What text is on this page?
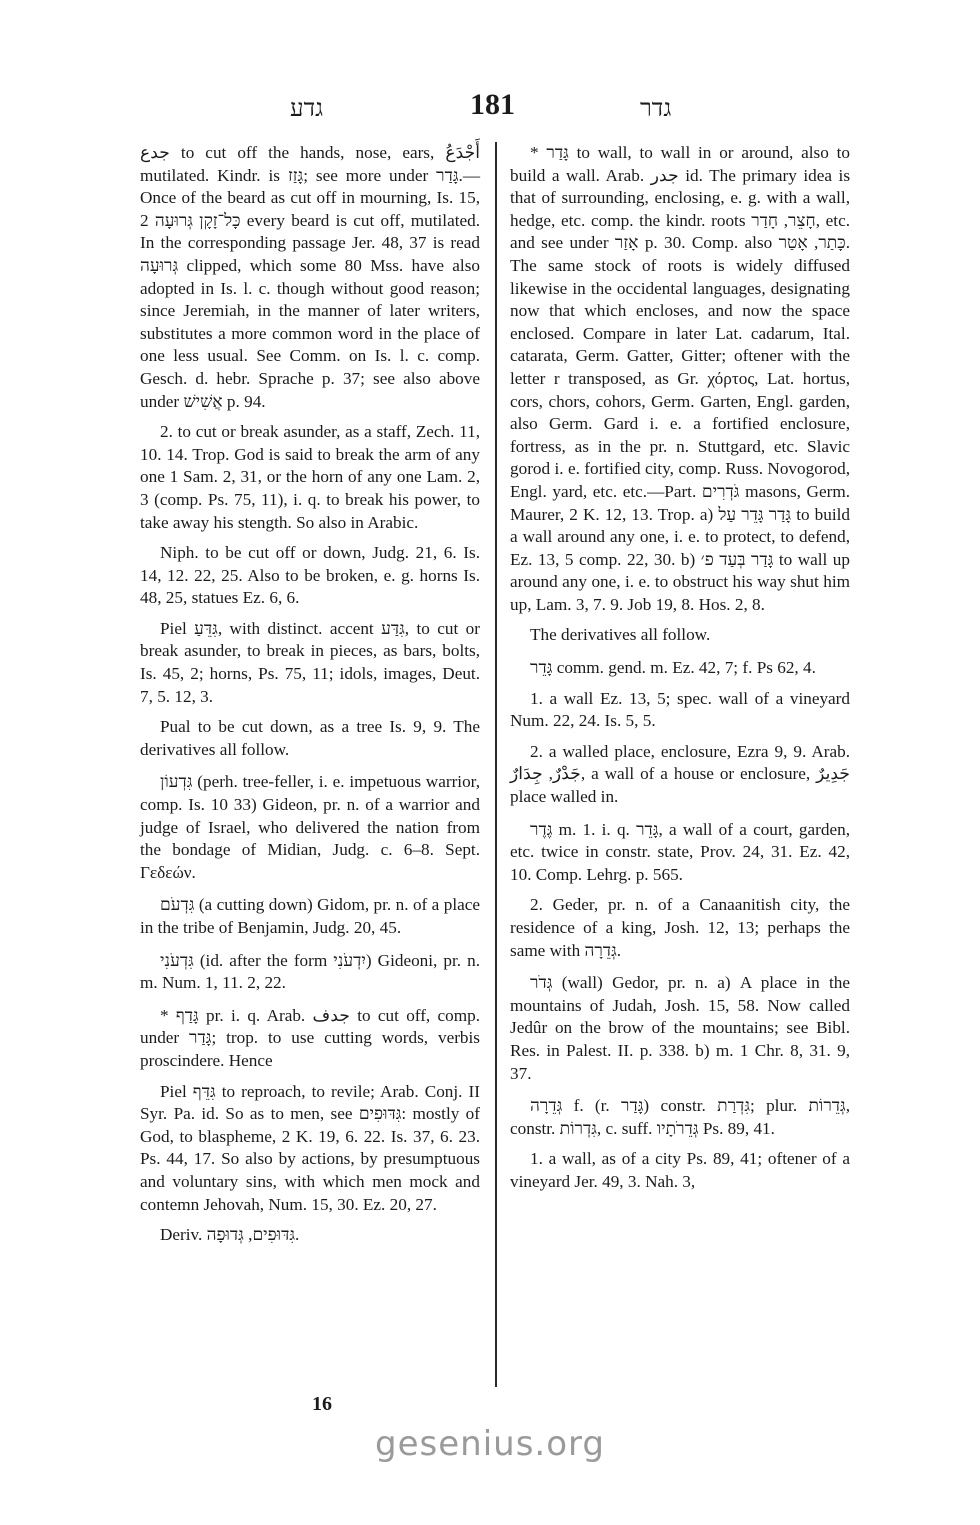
גדע	181	גדר

جدع to cut off the hands, nose, ears, أَجْدَعُ mutilated. Kindr. is גָּזַז; see more under גָּדַר.—Once of the beard as cut off in mourning, Is. 15, 2 כָּל־זָקָן גְּרוּעָה every beard is cut off, mutilated. In the corresponding passage Jer. 48, 37 is read גְּרוּעָה clipped, which some 80 Mss. have also adopted in Is. l. c. though without good reason; since Jeremiah, in the manner of later writers, substitutes a more common word in the place of one less usual. See Comm. on Is. l. c. comp. Gesch. d. hebr. Sprache p. 37; see also above under אֲשִׁישׁ p. 94.

2. to cut or break asunder, as a staff, Zech. 11, 10. 14. Trop. God is said to break the arm of any one 1 Sam. 2, 31, or the horn of any one Lam. 2, 3 (comp. Ps. 75, 11), i. q. to break his power, to take away his stength. So also in Arabic.

Niph. to be cut off or down, Judg. 21, 6. Is. 14, 12. 22, 25. Also to be broken, e. g. horns Is. 48, 25, statues Ez. 6, 6.

Piel גִּדֵּעַ, with distinct. accent גִּדַּע, to cut or break asunder, to break in pieces, as bars, bolts, Is. 45, 2; horns, Ps. 75, 11; idols, images, Deut. 7, 5. 12, 3.

Pual to be cut down, as a tree Is. 9, 9. The derivatives all follow.

גִּדְעוֹן (perh. tree-feller, i. e. impetuous warrior, comp. Is. 10 33) Gideon, pr. n. of a warrior and judge of Israel, who delivered the nation from the bondage of Midian, Judg. c. 6–8. Sept. Γεδεών.

גִּדְעֹם (a cutting down) Gidom, pr. n. of a place in the tribe of Benjamin, Judg. 20, 45.

גִּדְעֹנִי (id. after the form יִדְעֹנִי) Gideoni, pr. n. m. Num. 1, 11. 2, 22.

* גָּדַף pr. i. q. Arab. جدف to cut off, comp. under גָּדַר; trop. to use cutting words, verbis proscindere. Hence

Piel גִּדֵּף to reproach, to revile; Arab. Conj. II Syr. Pa. id. So as to men, see גִּדּוּפִים: mostly of God, to blaspheme, 2 K. 19, 6. 22. Is. 37, 6. 23. Ps. 44, 17. So also by actions, by presumptuous and voluntary sins, with which men mock and contemn Jehovah, Num. 15, 30. Ez. 20, 27.

Deriv. גִּדּוּפִים, גְּדוּפָה.

* גָּדַר to wall, to wall in or around, also to build a wall. Arab. جدر id. The primary idea is that of surrounding, enclosing, e. g. with a wall, hedge, etc. comp. the kindr. roots חָצֵר, חָדַר, etc. and see under אָזַר p. 30. Comp. also כָּתַר, אָטַר. The same stock of roots is widely diffused likewise in the occidental languages, designating now that which encloses, and now the space enclosed. Compare in later Lat. cadarum, Ital. catarata, Germ. Gatter, Gitter; oftener with the letter r transposed, as Gr. χόρτος, Lat. hortus, cors, chors, cohors, Germ. Garten, Engl. garden, also Germ. Gard i. e. a fortified enclosure, fortress, as in the pr. n. Stuttgard, etc. Slavic gorod i. e. fortified city, comp. Russ. Novogorod, Engl. yard, etc. etc.—Part. גֹּדְרִים masons, Germ. Maurer, 2 K. 12, 13. Trop. a) גָּדַר גָּדֵר עַל to build a wall around any one, i. e. to protect, to defend, Ez. 13, 5 comp. 22, 30. b) גָּדַר בְּעַד פ׳ to wall up around any one, i. e. to obstruct his way shut him up, Lam. 3, 7. 9. Job 19, 8. Hos. 2, 8.

The derivatives all follow.

גָּדֵר comm. gend. m. Ez. 42, 7; f. Ps 62, 4.

1. a wall Ez. 13, 5; spec. wall of a vineyard Num. 22, 24. Is. 5, 5.

2. a walled place, enclosure, Ezra 9, 9. Arab. جَدْرٌ, جِدَارٌ, a wall of a house or enclosure, جَدِيرٌ place walled in.

גֶּדֶר m. 1. i. q. גָּדֵר, a wall of a court, garden, etc. twice in constr. state, Prov. 24, 31. Ez. 42, 10. Comp. Lehrg. p. 565.

2. Geder, pr. n. of a Canaanitish city, the residence of a king, Josh. 12, 13; perhaps the same with גְּדֵרָה.

גְּדֹר (wall) Gedor, pr. n. a) A place in the mountains of Judah, Josh. 15, 58. Now called Jedûr on the brow of the mountains; see Bibl. Res. in Palest. II. p. 338. b) m. 1 Chr. 8, 31. 9, 37.

גְּדֵרָה f. (r. גָּדַר) constr. גִּדְרַת; plur. גְּדֵרוֹת, constr. גִּדְרוֹת, c. suff. גְּדֵרֹתָיו Ps. 89, 41.

1. a wall, as of a city Ps. 89, 41; oftener of a vineyard Jer. 49, 3. Nah. 3,

16
gesenius.org
